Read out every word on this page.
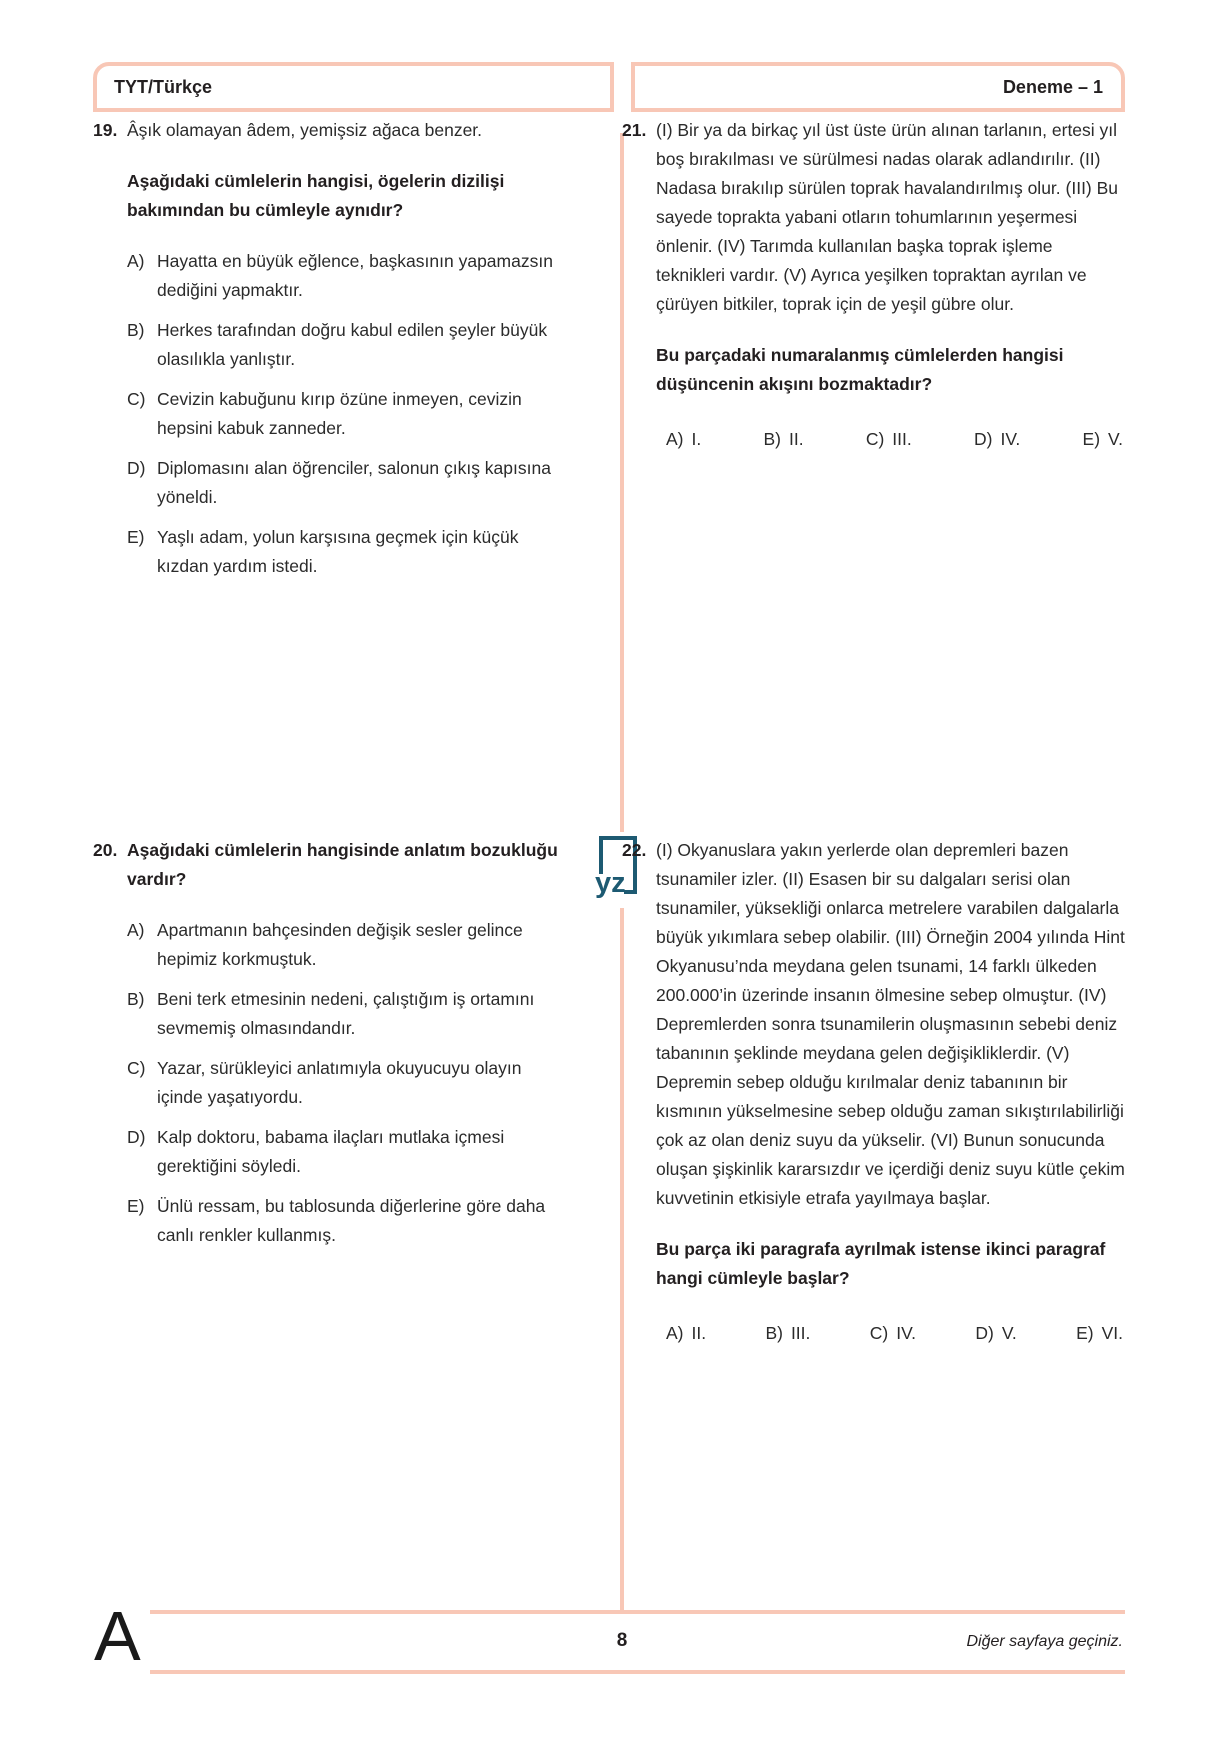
TYT/Türkçe	Deneme – 1
yz
19. Âşık olamayan âdem, yemişsiz ağaca benzer.
Aşağıdaki cümlelerin hangisi, ögelerin dizilişi bakımından bu cümleyle aynıdır?
A) Hayatta en büyük eğlence, başkasının yapamazsın dediğini yapmaktır.
B) Herkes tarafından doğru kabul edilen şeyler büyük olasılıkla yanlıştır.
C) Cevizin kabuğunu kırıp özüne inmeyen, cevizin hepsini kabuk zanneder.
D) Diplomasını alan öğrenciler, salonun çıkış kapısına yöneldi.
E) Yaşlı adam, yolun karşısına geçmek için küçük kızdan yardım istedi.
20. Aşağıdaki cümlelerin hangisinde anlatım bozukluğu vardır?
A) Apartmanın bahçesinden değişik sesler gelince hepimiz korkmuştuk.
B) Beni terk etmesinin nedeni, çalıştığım iş ortamını sevmemiş olmasındandır.
C) Yazar, sürükleyici anlatımıyla okuyucuyu olayın içinde yaşatıyordu.
D) Kalp doktoru, babama ilaçları mutlaka içmesi gerektiğini söyledi.
E) Ünlü ressam, bu tablosunda diğerlerine göre daha canlı renkler kullanmış.
21. (I) Bir ya da birkaç yıl üst üste ürün alınan tarlanın, ertesi yıl boş bırakılması ve sürülmesi nadas olarak adlandırılır. (II) Nadasa bırakılıp sürülen toprak havalandırılmış olur. (III) Bu sayede toprakta yabani otların tohumlarının yeşermesi önlenir. (IV) Tarımda kullanılan başka toprak işleme teknikleri vardır. (V) Ayrıca yeşilken topraktan ayrılan ve çürüyen bitkiler, toprak için de yeşil gübre olur.
Bu parçadaki numaralanmış cümlelerden hangisi düşüncenin akışını bozmaktadır?
A) I.	B) II.	C) III.	D) IV.	E) V.
22. (I) Okyanuslara yakın yerlerde olan depremleri bazen tsunamiler izler. (II) Esasen bir su dalgaları serisi olan tsunamiler, yüksekliği onlarca metrelere varabilen dalgalarla büyük yıkımlara sebep olabilir. (III) Örneğin 2004 yılında Hint Okyanusu’nda meydana gelen tsunami, 14 farklı ülkeden 200.000’in üzerinde insanın ölmesine sebep olmuştur. (IV) Depremlerden sonra tsunamilerin oluşmasının sebebi deniz tabanının şeklinde meydana gelen değişikliklerdir. (V) Depremin sebep olduğu kırılmalar deniz tabanının bir kısmının yükselmesine sebep olduğu zaman sıkıştırılabilirliği çok az olan deniz suyu da yükselir. (VI) Bunun sonucunda oluşan şişkinlik kararsızdır ve içerdiği deniz suyu kütle çekim kuvvetinin etkisiyle etrafa yayılmaya başlar.
Bu parça iki paragrafa ayrılmak istense ikinci paragraf hangi cümleyle başlar?
A) II.	B) III.	C) IV.	D) V.	E) VI.
A	8	Diğer sayfaya geçiniz.
